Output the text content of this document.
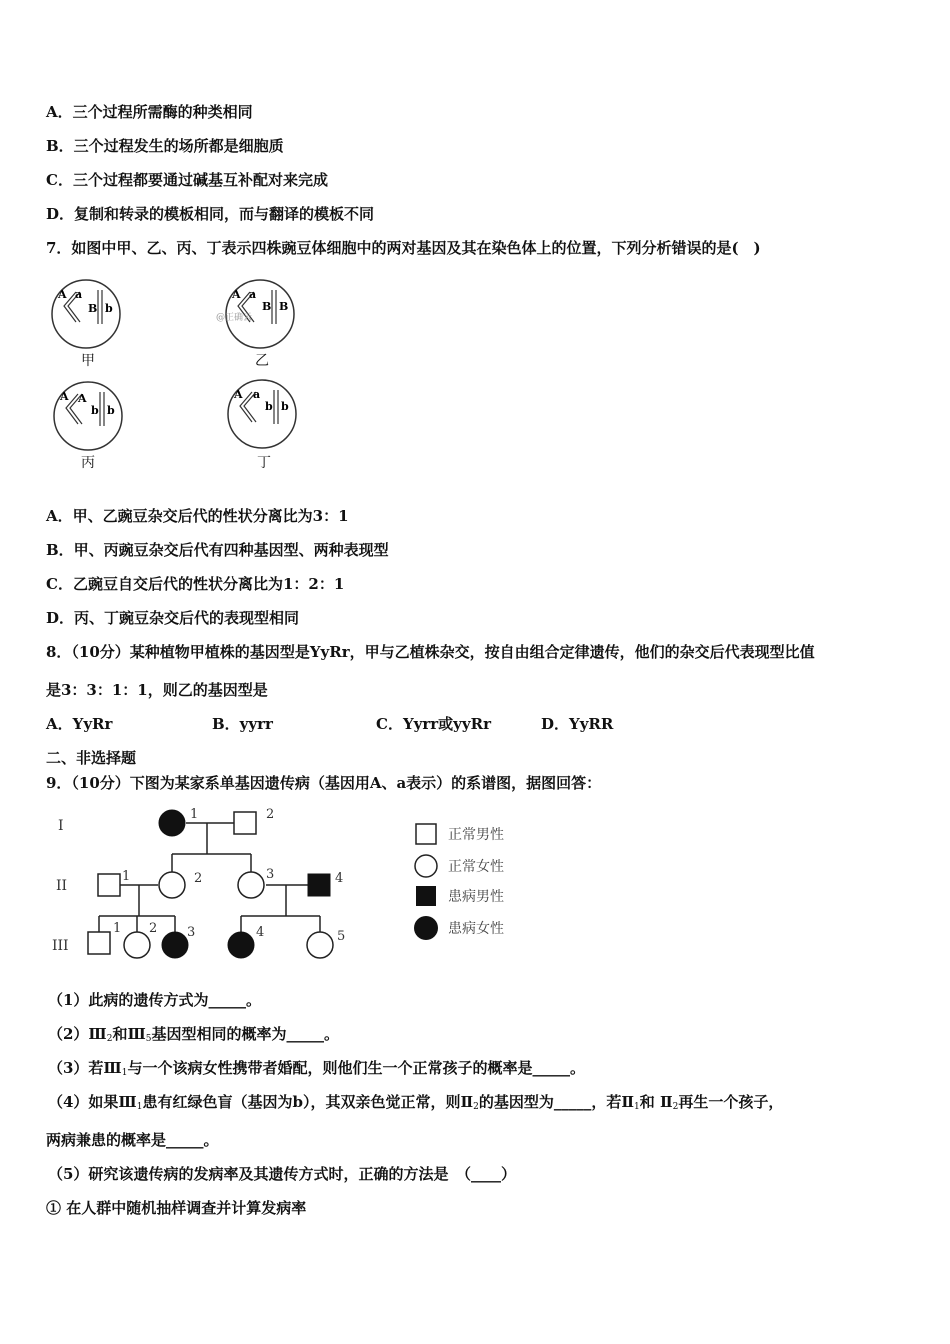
A．三个过程所需酶的种类相同
B．三个过程发生的场所都是细胞质
C．三个过程都要通过碱基互补配对来完成
D．复制和转录的模板相同，而与翻译的模板不同
7．如图中甲、乙、丙、丁表示四株豌豆体细胞中的两对基因及其在染色体上的位置，下列分析错误的是(　)
A a
B b
甲
A a
B B
@正确云
乙
A A
b b
丙
A a
b b
丁
A．甲、乙豌豆杂交后代的性状分离比为3：1
B．甲、丙豌豆杂交后代有四种基因型、两种表现型
C．乙豌豆自交后代的性状分离比为1：2：1
D．丙、丁豌豆杂交后代的表现型相同
8．（10分）某种植物甲植株的基因型是YyRr，甲与乙植株杂交，按自由组合定律遗传，他们的杂交后代表现型比值
是3：3：1：1，则乙的基因型是
A．YyRr	B．yyrr	C．Yyrr或yyRr	D．YyRR
二、非选择题
9．（10分）下图为某家系单基因遗传病（基因用A、a表示）的系谱图，据图回答：
I
II
III
1	2
1	2	3	4
1 2 3	4	5
正常男性
正常女性
患病男性
患病女性
（1）此病的遗传方式为_____。
$(2)Ⅲ_2$和$Ⅲ_5$基因型相同的概率为_____。
（3）若$Ⅲ_1$与一个该病女性携带者婚配，则他们生一个正常孩子的概率是_____。
（4）如果$Ⅲ_1$患有红绿色盲（基因为b），其双亲色觉正常，则$Ⅱ_2$的基因型为_____，若$Ⅱ_1$和 $Ⅱ_2$再生一个孩子，
两病兼患的概率是_____。
（5）研究该遗传病的发病率及其遗传方式时，正确的方法是　（____）
① 在人群中随机抽样调查并计算发病率
